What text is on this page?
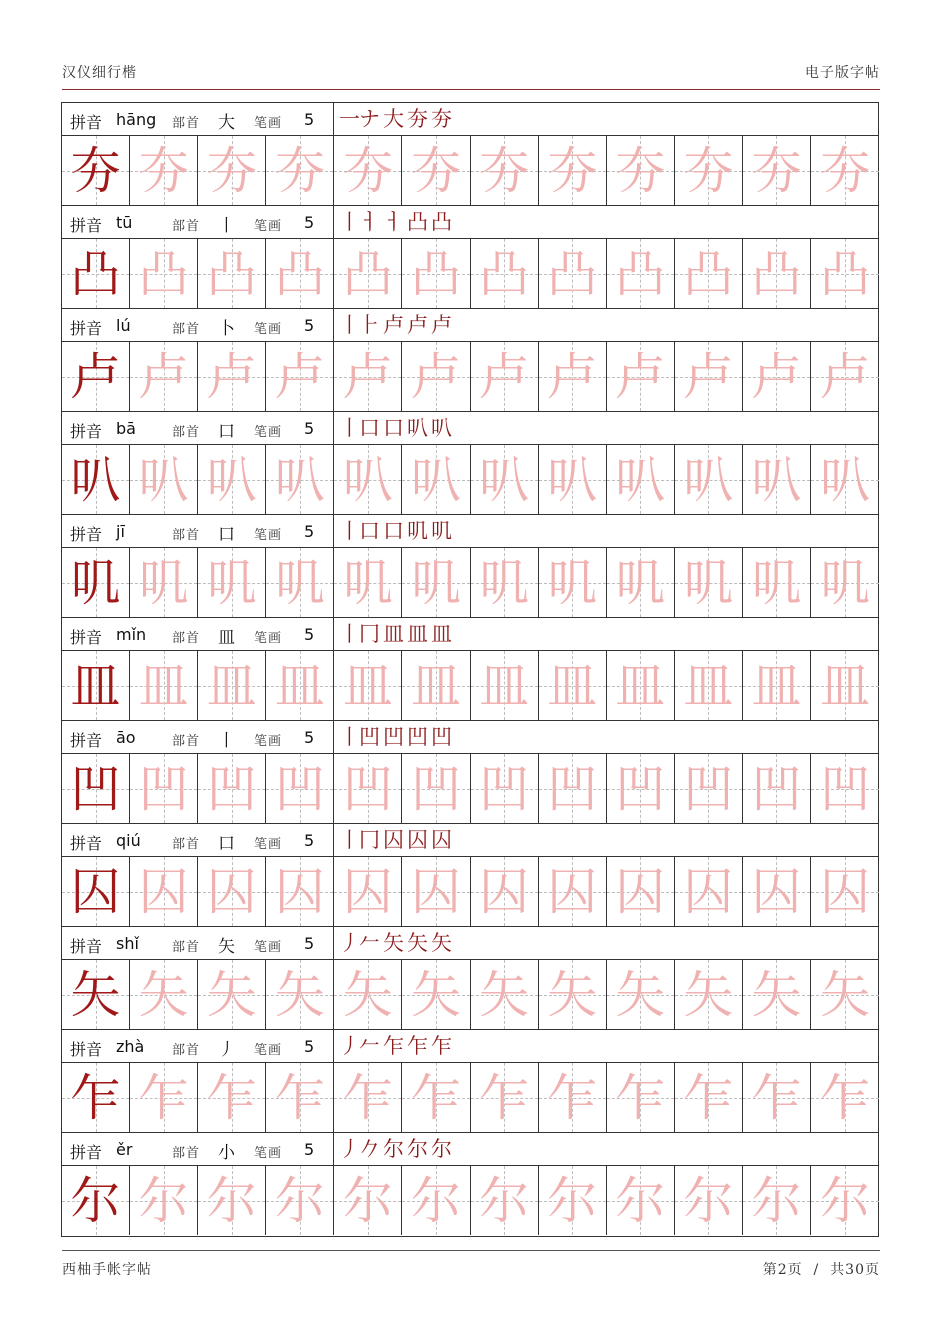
汉仪细行楷	电子版字帖
拼音 hāng 部首 大 笔画 5 一 ナ 大 夯 夯
夯 夯 夯 夯 夯 夯 夯 夯 夯 夯 夯 夯
拼音 tū	部首 丨 笔画 5 丨 ㅓ ㅓ 凸 凸
凸 凸 凸 凸 凸 凸 凸 凸 凸 凸 凸 凸
拼音 lú	部首 卜 笔画 5 丨 ⺊ 卢 卢 卢
卢 卢 卢 卢 卢 卢 卢 卢 卢 卢 卢 卢
拼音 bā	部首 口 笔画 5 丨 口 口 叭 叭
叭 叭 叭 叭 叭 叭 叭 叭 叭 叭 叭 叭
拼音 jī	部首 口 笔画 5 丨 口 口 叽 叽
叽 叽 叽 叽 叽 叽 叽 叽 叽 叽 叽 叽
拼音 mǐn 部首 皿 笔画 5 丨 冂 皿 皿 皿
皿 皿 皿 皿 皿 皿 皿 皿 皿 皿 皿 皿
拼音 āo	部首 丨 笔画 5 丨 凹 凹 凹 凹
凹 凹 凹 凹 凹 凹 凹 凹 凹 凹 凹 凹
拼音 qiú 部首 口 笔画 5 丨 冂 囚 囚 囚
囚 囚 囚 囚 囚 囚 囚 囚 囚 囚 囚 囚
拼音 shǐ	部首 矢 笔画 5 丿 𠂉 矢 矢 矢
矢 矢 矢 矢 矢 矢 矢 矢 矢 矢 矢 矢
拼音 zhà 部首 丿 笔画 5 丿 𠂉 乍 乍 乍
乍 乍 乍 乍 乍 乍 乍 乍 乍 乍 乍 乍
拼音 ěr	部首 小 笔画 5 丿 𠂊 尔 尔 尔
尔 尔 尔 尔 尔 尔 尔 尔 尔 尔 尔 尔
西柚手帐字帖	第2页 / 共30页
